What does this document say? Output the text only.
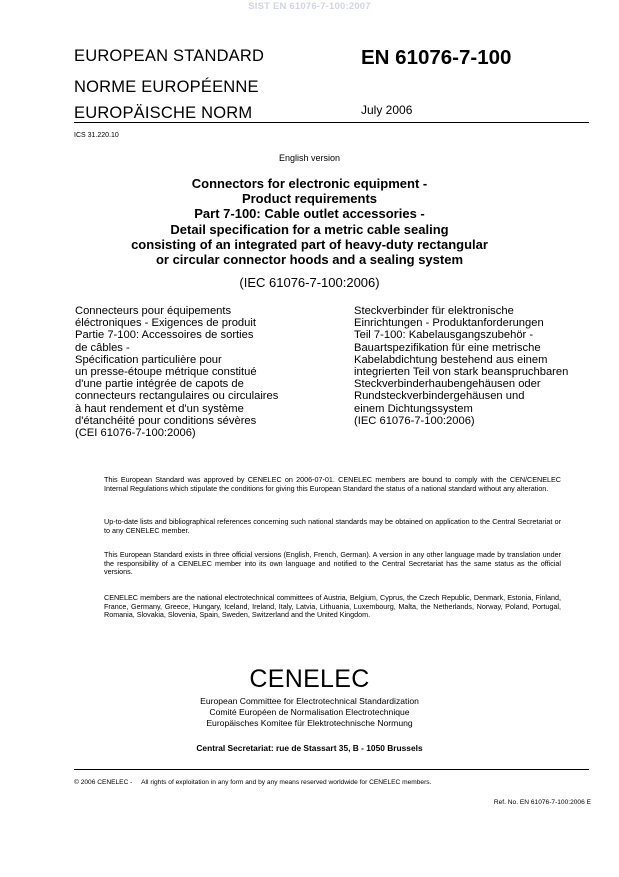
SIST EN 61076-7-100:2007
EUROPEAN STANDARD
NORME EUROPÉENNE
EUROPÄISCHE NORM
EN 61076-7-100
July 2006
ICS 31.220.10
English version
Connectors for electronic equipment -
Product requirements
Part 7-100: Cable outlet accessories -
Detail specification for a metric cable sealing
consisting of an integrated part of heavy-duty rectangular
or circular connector hoods and a sealing system
(IEC 61076-7-100:2006)
Connecteurs pour équipements
éléctroniques - Exigences de produit
Partie 7-100: Accessoires de sorties
de câbles -
Spécification particulière pour
un presse-étoupe métrique constitué
d'une partie intégrée de capots de
connecteurs rectangulaires ou circulaires
à haut rendement et d'un système
d'étanchéité pour conditions sévères
(CEI 61076-7-100:2006)
Steckverbinder für elektronische
Einrichtungen - Produktanforderungen
Teil 7-100: Kabelausgangszubehör -
Bauartspezifikation für eine metrische
Kabelabdichtung bestehend aus einem
integrierten Teil von stark beanspruchbaren
Steckverbinderhaubengehäusen oder
Rundsteckverbindergehäusen und
einem Dichtungssystem
(IEC 61076-7-100:2006)
This European Standard was approved by CENELEC on 2006-07-01. CENELEC members are bound to comply with the CEN/CENELEC Internal Regulations which stipulate the conditions for giving this European Standard the status of a national standard without any alteration.
Up-to-date lists and bibliographical references concerning such national standards may be obtained on application to the Central Secretariat or to any CENELEC member.
This European Standard exists in three official versions (English, French, German). A version in any other language made by translation under the responsibility of a CENELEC member into its own language and notified to the Central Secretariat has the same status as the official versions.
CENELEC members are the national electrotechnical committees of Austria, Belgium, Cyprus, the Czech Republic, Denmark, Estonia, Finland, France, Germany, Greece, Hungary, Iceland, Ireland, Italy, Latvia, Lithuania, Luxembourg, Malta, the Netherlands, Norway, Poland, Portugal, Romania, Slovakia, Slovenia, Spain, Sweden, Switzerland and the United Kingdom.
CENELEC
European Committee for Electrotechnical Standardization
Comité Européen de Normalisation Electrotechnique
Europäisches Komitee für Elektrotechnische Normung
Central Secretariat: rue de Stassart 35, B - 1050 Brussels
© 2006 CENELEC -     All rights of exploitation in any form and by any means reserved worldwide for CENELEC members.
Ref. No. EN 61076-7-100:2006 E
